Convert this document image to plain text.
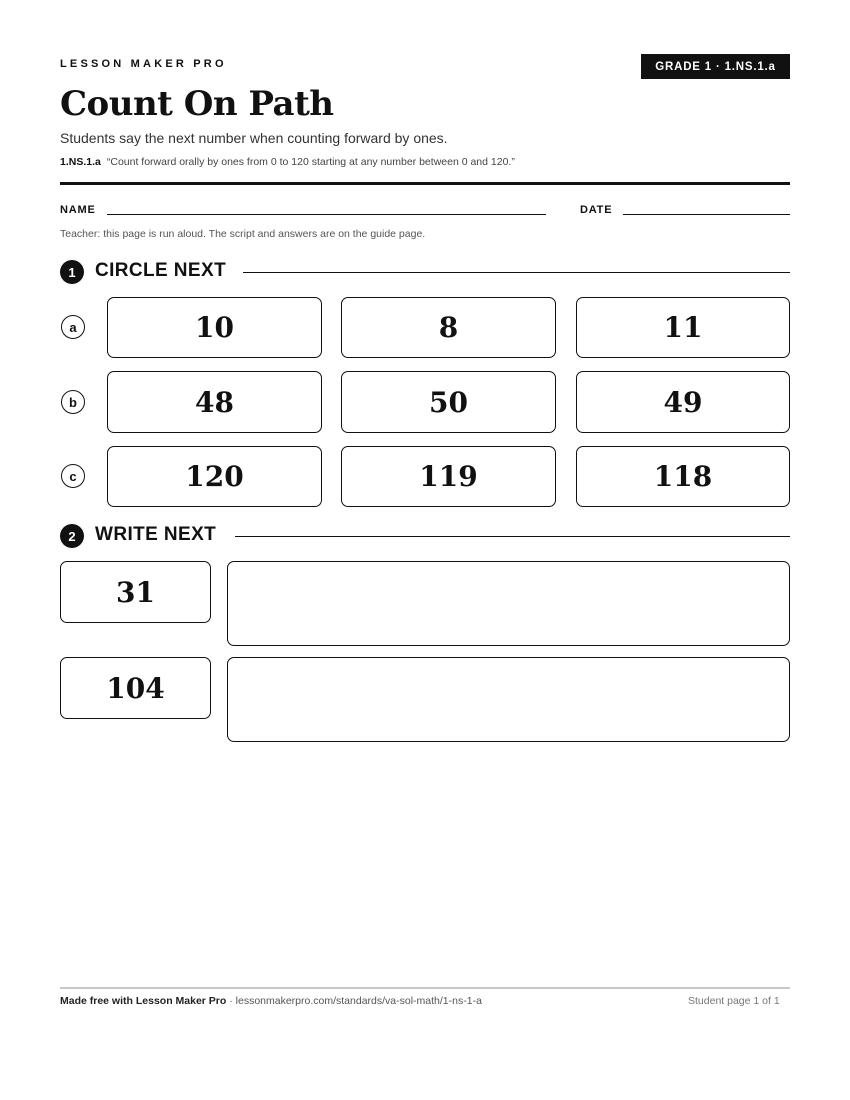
LESSON MAKER PRO	GRADE 1 · 1.NS.1.a
Count On Path
Students say the next number when counting forward by ones.
1.NS.1.a “Count forward orally by ones from 0 to 120 starting at any number between 0 and 120.”
NAME	DATE
Teacher: this page is run aloud. The script and answers are on the guide page.
1	CIRCLE NEXT
a	10	8	11
b	48	50	49
c	120	119	118
2	WRITE NEXT
31
104
Made free with Lesson Maker Pro · lessonmakerpro.com/standards/va-sol-math/1-ns-1-a	Student page 1 of 1
